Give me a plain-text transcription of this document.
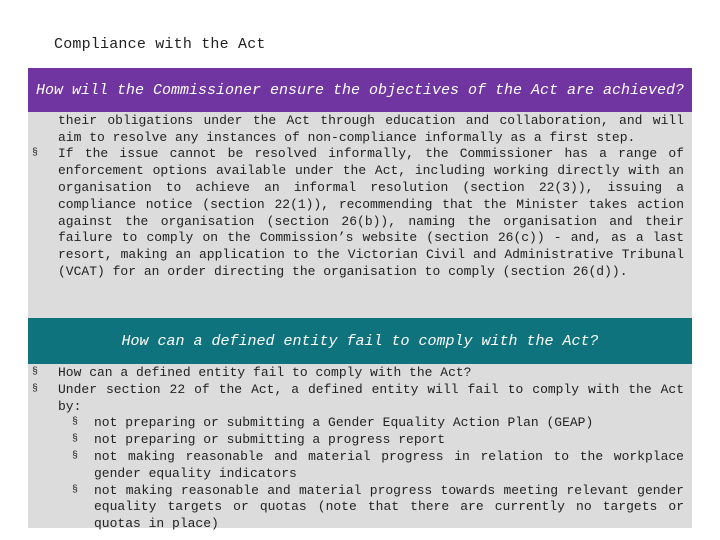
Compliance with the Act

their obligations under the Act through education and collaboration, and will aim to resolve any instances of non-compliance informally as a first step.

§ If the issue cannot be resolved informally, the Commissioner has a range of enforcement options available under the Act, including working directly with an organisation to achieve an informal resolution (section 22(3)), issuing a compliance notice (section 22(1)), recommending that the Minister takes action against the organisation (section 26(b)), naming the organisation and their failure to comply on the Commission’s website (section 26(c)) - and, as a last resort, making an application to the Victorian Civil and Administrative Tribunal (VCAT) for an order directing the organisation to comply (section 26(d)).

How will the Commissioner ensure the objectives of the Act are achieved?
§ How can a defined entity fail to comply with the Act?

§ Under section 22 of the Act, a defined entity will fail to comply with the Act by:

§ not preparing or submitting a Gender Equality Action Plan (GEAP)

§ not preparing or submitting a progress report

§ not making reasonable and material progress in relation to the workplace gender equality indicators

§ not making reasonable and material progress towards meeting relevant gender equality targets or quotas (note that there are currently no targets or quotas in place)

How can a defined entity fail to comply with the Act?
